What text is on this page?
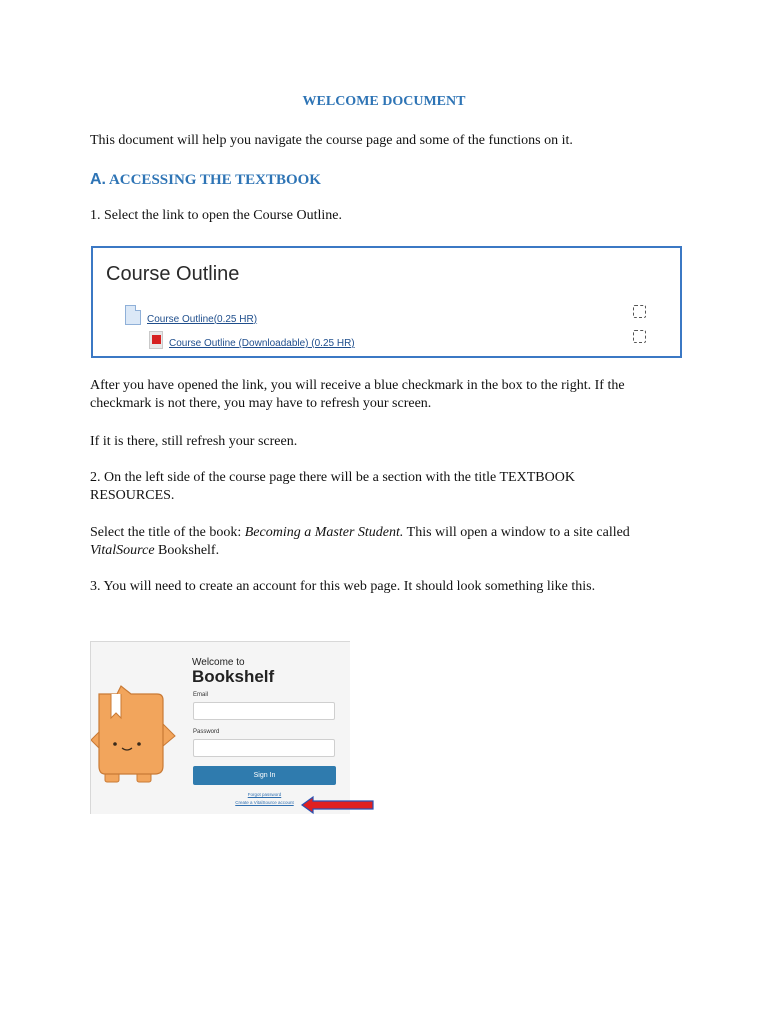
WELCOME DOCUMENT

This document will help you navigate the course page and some of the functions on it.

A. ACCESSING THE TEXTBOOK

1. Select the link to open the Course Outline.

Course Outline
Course Outline(0.25 HR)
Course Outline (Downloadable) (0.25 HR)

After you have opened the link, you will receive a blue checkmark in the box to the right. If the checkmark is not there, you may have to refresh your screen.

If it is there, still refresh your screen.

2. On the left side of the course page there will be a section with the title TEXTBOOK RESOURCES.

Select the title of the book: Becoming a Master Student. This will open a window to a site called VitalSource Bookshelf.

3. You will need to create an account for this web page. It should look something like this.

Welcome to
Bookshelf
Email
Password
Sign In
Forgot password
Create a VitalSource account
